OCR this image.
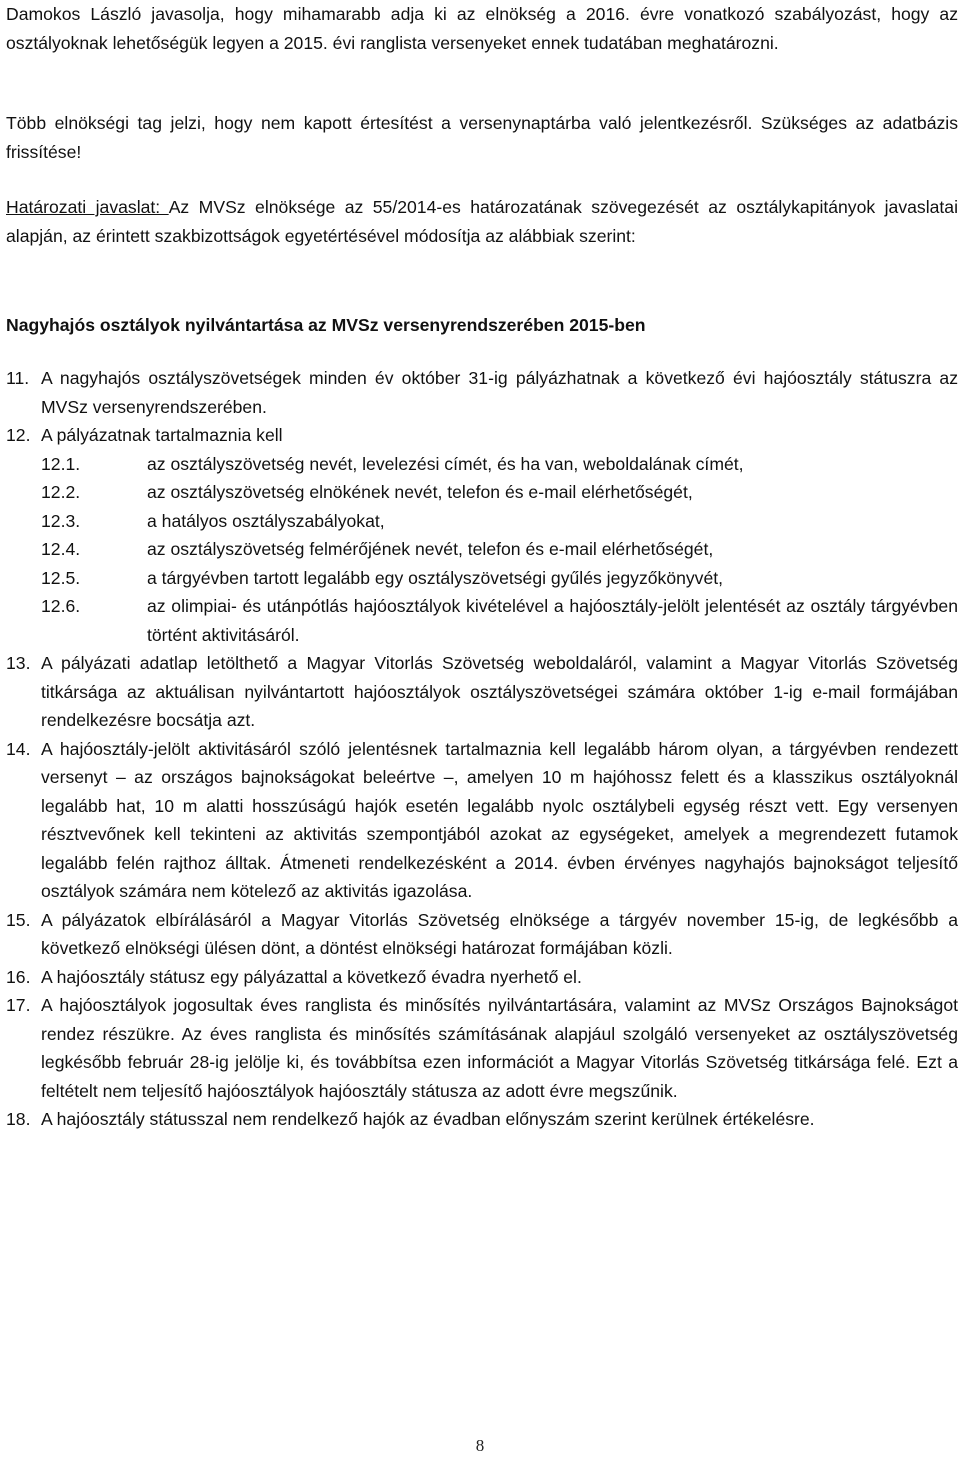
Damokos László javasolja, hogy mihamarabb adja ki az elnökség a 2016. évre vonatkozó szabályozást, hogy az osztályoknak lehetőségük legyen a 2015. évi ranglista versenyeket ennek tudatában meghatározni.

Több elnökségi tag jelzi, hogy nem kapott értesítést a versenynaptárba való jelentkezésről. Szükséges az adatbázis frissítése!

Határozati javaslat: Az MVSz elnöksége az 55/2014-es határozatának szövegezését az osztálykapitányok javaslatai alapján, az érintett szakbizottságok egyetértésével módosítja az alábbiak szerint:

Nagyhajós osztályok nyilvántartása az MVSz versenyrendszerében 2015-ben
11. A nagyhajós osztályszövetségek minden év október 31-ig pályázhatnak a következő évi hajóosztály státuszra az MVSz versenyrendszerében.
12. A pályázatnak tartalmaznia kell
12.1.	az osztályszövetség nevét, levelezési címét, és ha van, weboldalának címét,
12.2.	az osztályszövetség elnökének nevét, telefon és e-mail elérhetőségét,
12.3.	a hatályos osztályszabályokat,
12.4.	az osztályszövetség felmérőjének nevét, telefon és e-mail elérhetőségét,
12.5.	a tárgyévben tartott legalább egy osztályszövetségi gyűlés jegyzőkönyvét,
12.6.	az olimpiai- és utánpótlás hajóosztályok kivételével a hajóosztály-jelölt jelentését az osztály tárgyévben történt aktivitásáról.
13. A pályázati adatlap letölthető a Magyar Vitorlás Szövetség weboldaláról, valamint a Magyar Vitorlás Szövetség titkársága az aktuálisan nyilvántartott hajóosztályok osztályszövetségei számára október 1-ig e-mail formájában rendelkezésre bocsátja azt.
14. A hajóosztály-jelölt aktivitásáról szóló jelentésnek tartalmaznia kell legalább három olyan, a tárgyévben rendezett versenyt – az országos bajnokságokat beleértve –, amelyen 10 m hajóhossz felett és a klasszikus osztályoknál legalább hat, 10 m alatti hosszúságú hajók esetén legalább nyolc osztálybeli egység részt vett. Egy versenyen résztvevőnek kell tekinteni az aktivitás szempontjából azokat az egységeket, amelyek a megrendezett futamok legalább felén rajthoz álltak. Átmeneti rendelkezésként a 2014. évben érvényes nagyhajós bajnokságot teljesítő osztályok számára nem kötelező az aktivitás igazolása.
15. A pályázatok elbírálásáról a Magyar Vitorlás Szövetség elnöksége a tárgyév november 15-ig, de legkésőbb a következő elnökségi ülésen dönt, a döntést elnökségi határozat formájában közli.
16. A hajóosztály státusz egy pályázattal a következő évadra nyerhető el.
17. A hajóosztályok jogosultak éves ranglista és minősítés nyilvántartására, valamint az MVSz Országos Bajnokságot rendez részükre. Az éves ranglista és minősítés számításának alapjául szolgáló versenyeket az osztályszövetség legkésőbb február 28-ig jelölje ki, és továbbítsa ezen információt a Magyar Vitorlás Szövetség titkársága felé. Ezt a feltételt nem teljesítő hajóosztályok hajóosztály státusza az adott évre megszűnik.
18. A hajóosztály státusszal nem rendelkező hajók az évadban előnyszám szerint kerülnek értékelésre.
8
